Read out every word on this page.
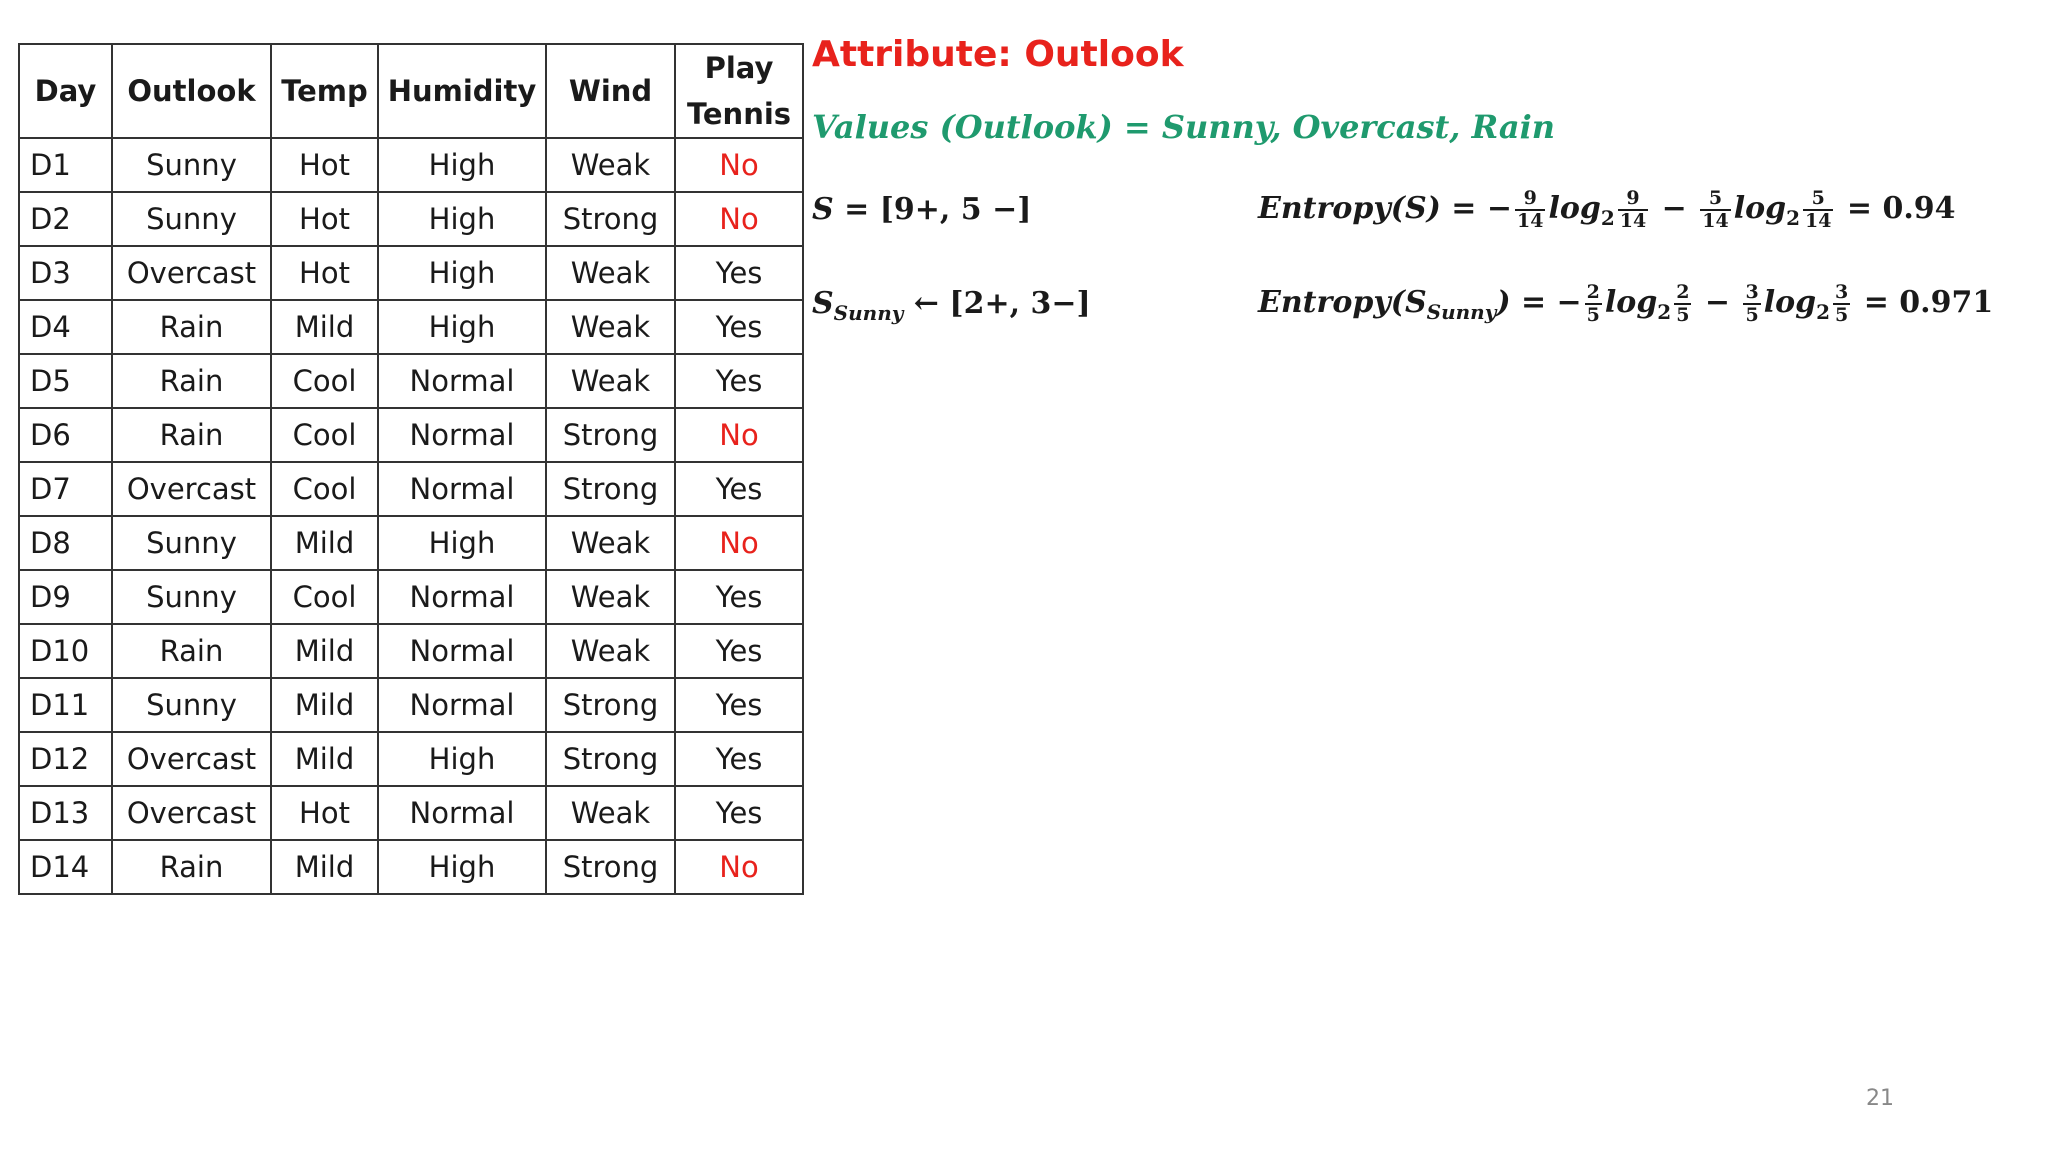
Day	Outlook	Temp	Humidity	Wind	Play
Tennis
D1	Sunny	Hot	High	Weak	No
D2	Sunny	Hot	High	Strong	No
D3	Overcast	Hot	High	Weak	Yes
D4	Rain	Mild	High	Weak	Yes
D5	Rain	Cool	Normal	Weak	Yes
D6	Rain	Cool	Normal	Strong	No
D7	Overcast	Cool	Normal	Strong	Yes
D8	Sunny	Mild	High	Weak	No
D9	Sunny	Cool	Normal	Weak	Yes
D10	Rain	Mild	Normal	Weak	Yes
D11	Sunny	Mild	Normal	Strong	Yes
D12	Overcast	Mild	High	Strong	Yes
D13	Overcast	Hot	Normal	Weak	Yes
D14	Rain	Mild	High	Strong	No
Attribute: Outlook
Values (Outlook) = Sunny, Overcast, Rain
S = [9+, 5 −]
$S_{Sunny}$ ← [2+, 3−]
Entropy(S) = − $\frac{9}{14} \log_2 \frac{9}{14} - \frac{5}{14} \log_2 \frac{5}{14} = 0.94$
$Entropy(S_{Sunny})$ = − $\frac{2}{5} \log_2 \frac{2}{5} - \frac{3}{5} \log_2 \frac{3}{5} = 0.971$
21
